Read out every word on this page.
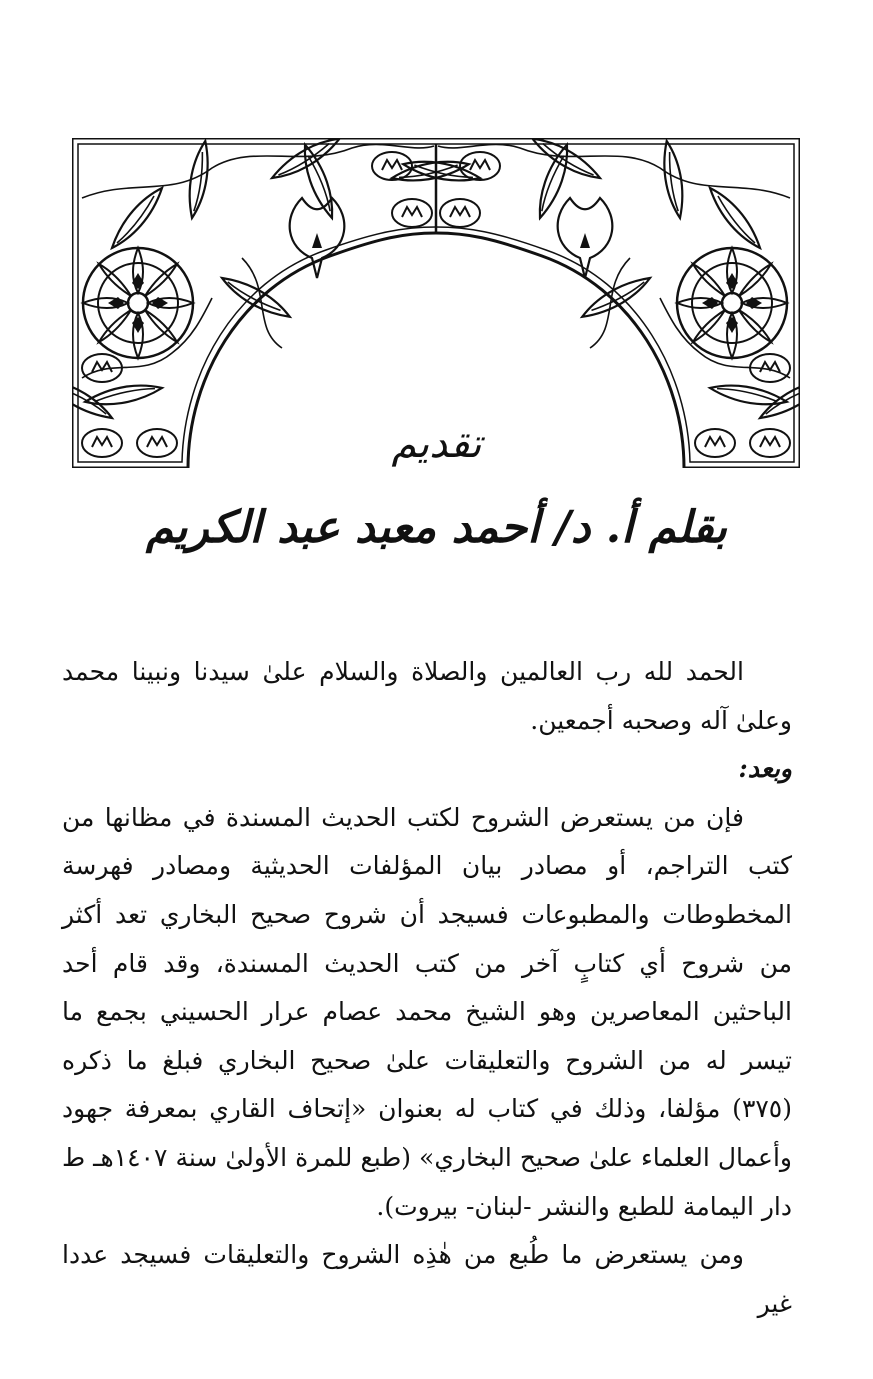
تقديم
بقلم أ. د/ أحمد معبد عبد الكريم

الحمد لله رب العالمين والصلاة والسلام علىٰ سيدنا ونبينا محمد وعلىٰ آله وصحبه أجمعين.

وبعد:

فإن من يستعرض الشروح لكتب الحديث المسندة في مظانها من كتب التراجم، أو مصادر بيان المؤلفات الحديثية ومصادر فهرسة المخطوطات والمطبوعات فسيجد أن شروح صحيح البخاري تعد أكثر من شروح أي كتابٍ آخر من كتب الحديث المسندة، وقد قام أحد الباحثين المعاصرين وهو الشيخ محمد عصام عرار الحسيني بجمع ما تيسر له من الشروح والتعليقات علىٰ صحيح البخاري فبلغ ما ذكره (٣٧٥) مؤلفا، وذلك في كتاب له بعنوان «إتحاف القاري بمعرفة جهود وأعمال العلماء علىٰ صحيح البخاري» (طبع للمرة الأولىٰ سنة ١٤٠٧هـ ط دار اليمامة للطبع والنشر -لبنان- بيروت).

ومن يستعرض ما طُبع من هٰذِه الشروح والتعليقات فسيجد عددا غير
